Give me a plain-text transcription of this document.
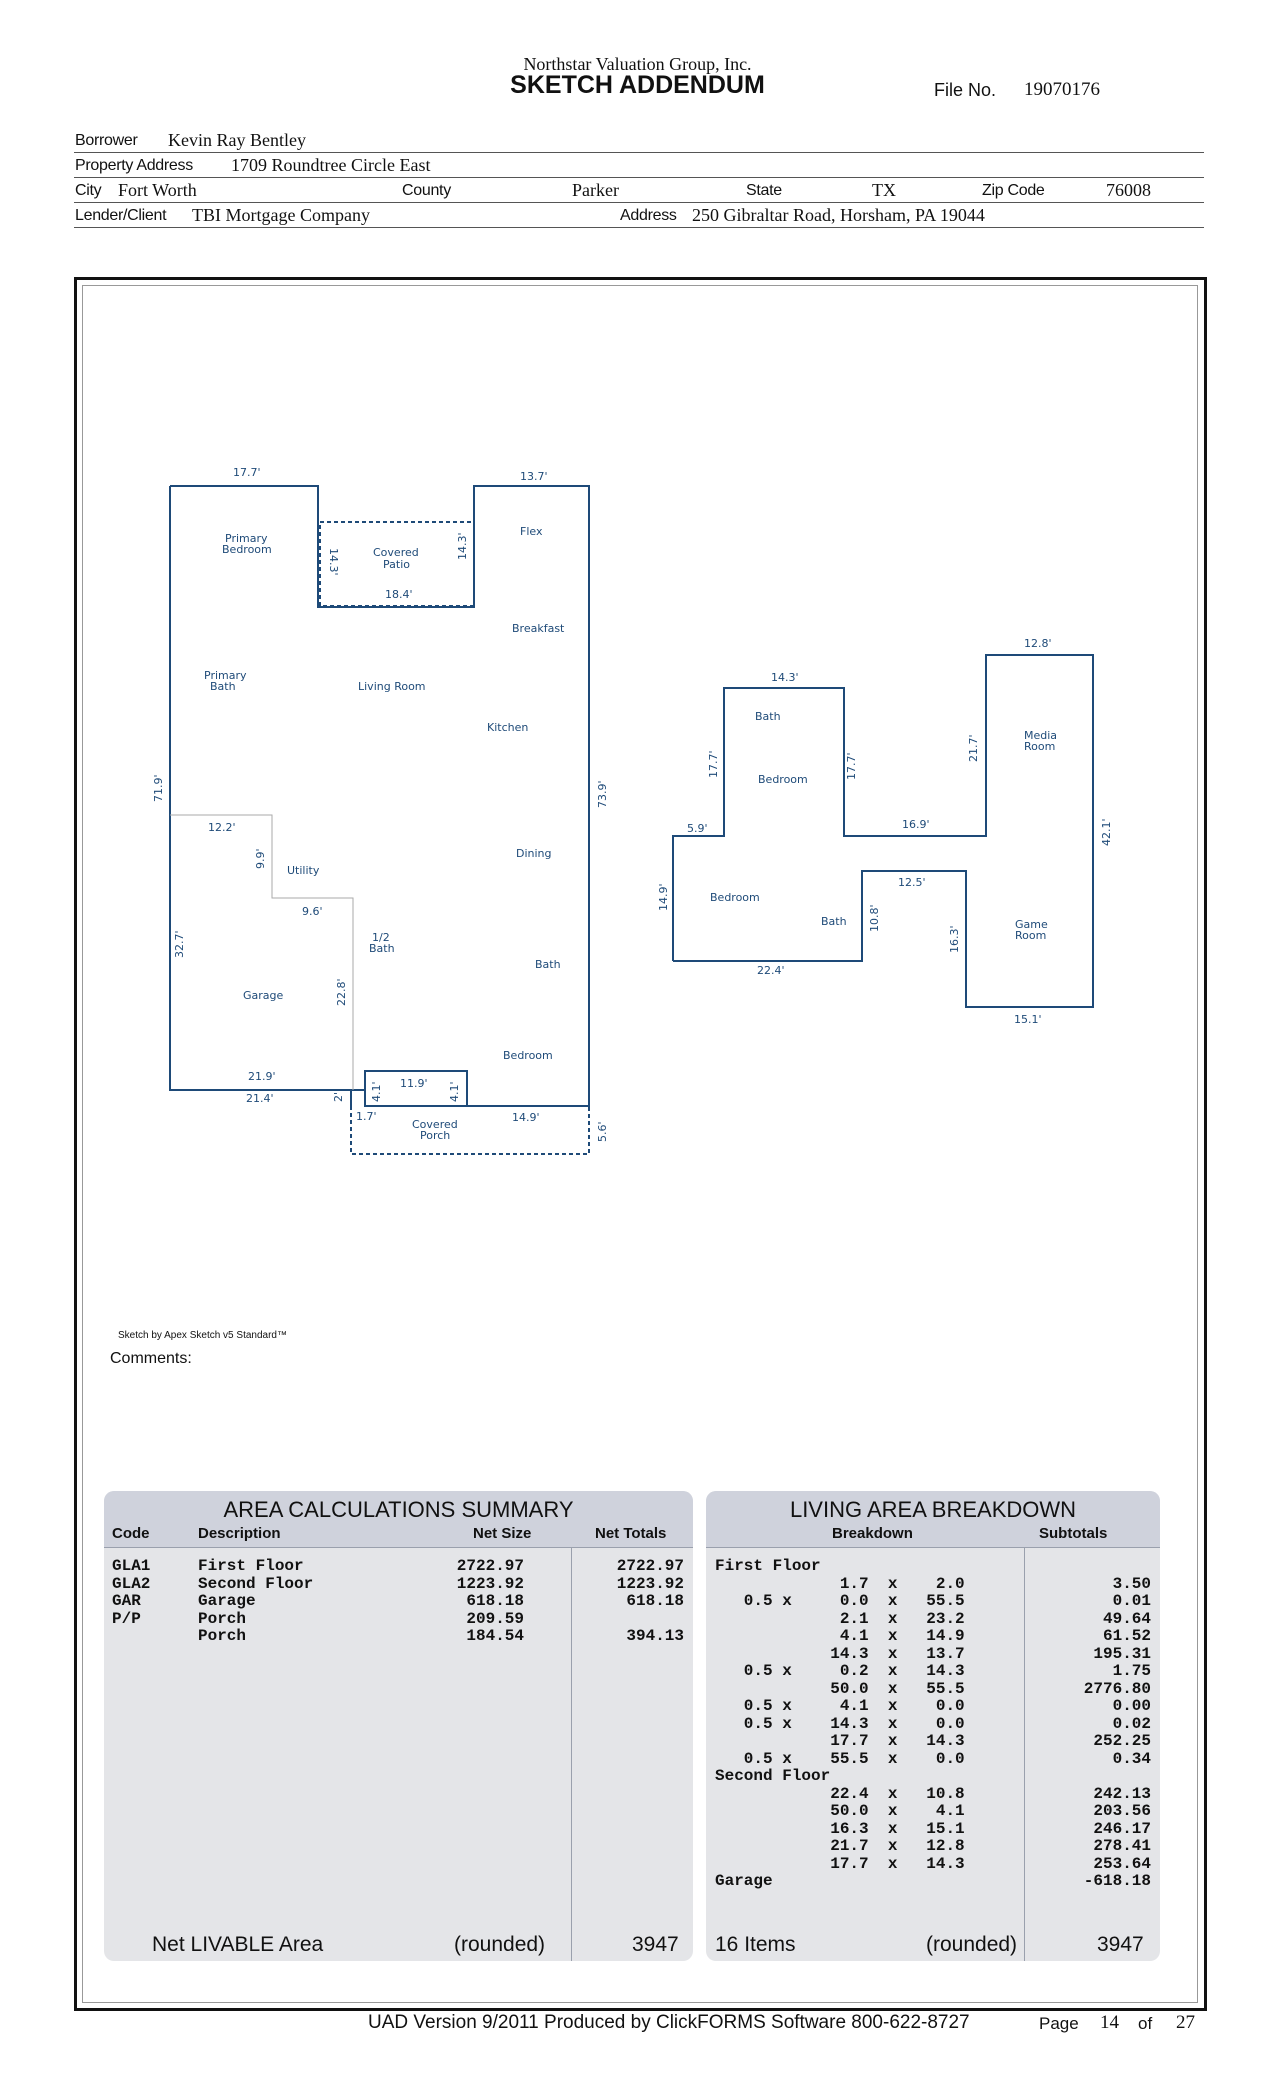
Northstar Valuation Group, Inc.
SKETCH ADDENDUM	File No. 19070176
Borrower Kevin Ray Bentley
Property Address 1709 Roundtree Circle East
City Fort Worth	County	Parker	State	TX	Zip Code	76008
Lender/Client TBI Mortgage Company	Address 250 Gibraltar Road, Horsham, PA 19044
Primary
Bedroom	Covered
Patio
Flex
Breakfast
Primary
Bath	Living Room
Kitchen
Utility
Dining
1/2
Bath
Garage
Bath
Bedroom
Covered
Porch
Bath
Bedroom
Bedroom
Bath
Media
Room
Game
Room
17.7'	13.7'
18.4'
12.2'
9.6'
21.9'
21.4'
11.9'
1.7'	14.9'
14.3'
5.9'
22.4'
16.9'
12.5'
15.1'
12.8'
14.3'
14.3'
71.9'	73.9'
9.9'
32.7'
22.8'
2' 4.1'	4.1'
5.6'
17.7'	17.7'
14.9'
10.8'
16.3'
21.7'
42.1'
Sketch by Apex Sketch v5 Standard™
Comments:
AREA CALCULATIONS SUMMARY
Code	Description	Net Size	Net Totals
GLA1	First Floor	2722.97	2722.97
GLA2	Second Floor	1223.92	1223.92
GAR	Garage	618.18	618.18
P/P	Porch	209.59
Porch	184.54	394.13
Net LIVABLE Area	(rounded)	3947
LIVING AREA BREAKDOWN
Breakdown	Subtotals
First Floor
1.7  x    2.0	3.50
0.5 x     0.0  x   55.5	0.01
2.1  x   23.2	49.64
4.1  x   14.9	61.52
14.3  x   13.7	195.31
0.5 x     0.2  x   14.3	1.75
50.0  x   55.5	2776.80
0.5 x     4.1  x    0.0	0.00
0.5 x    14.3  x    0.0	0.02
17.7  x   14.3	252.25
0.5 x    55.5  x    0.0	0.34
Second Floor
22.4  x   10.8	242.13
50.0  x    4.1	203.56
16.3  x   15.1	246.17
21.7  x   12.8	278.41
17.7  x   14.3	253.64
Garage	-618.18
16 Items	(rounded)	3947
UAD Version 9/2011 Produced by ClickFORMS Software 800-622-8727	Page 14 of 27
